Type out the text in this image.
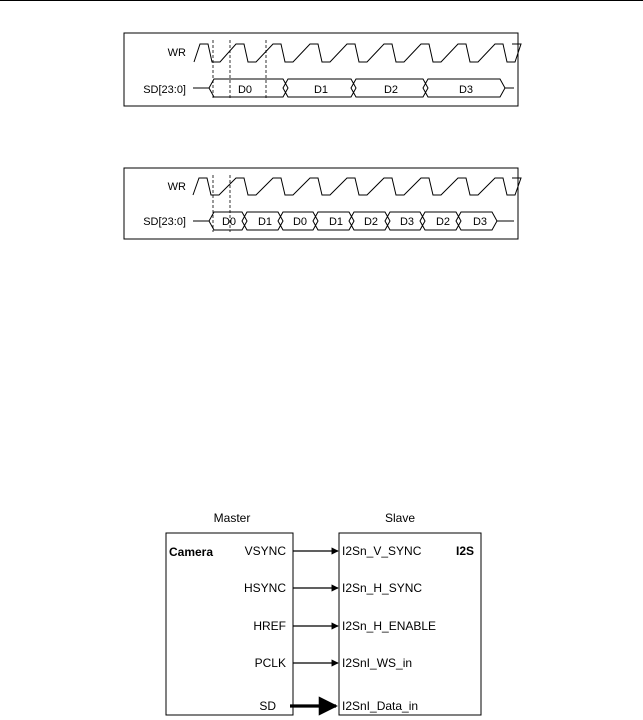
WR
SD[23:0]	D0	D1	D2	D3
WR
SD[23:0]	D0 D1 D0 D1 D2 D3 D2 D3
Master	Slave
Camera	I2S
VSYNC
HSYNC
HREF
PCLK
SD
I2Sn_V_SYNC
I2Sn_H_SYNC
I2Sn_H_ENABLE
I2SnI_WS_in
I2SnI_Data_in
